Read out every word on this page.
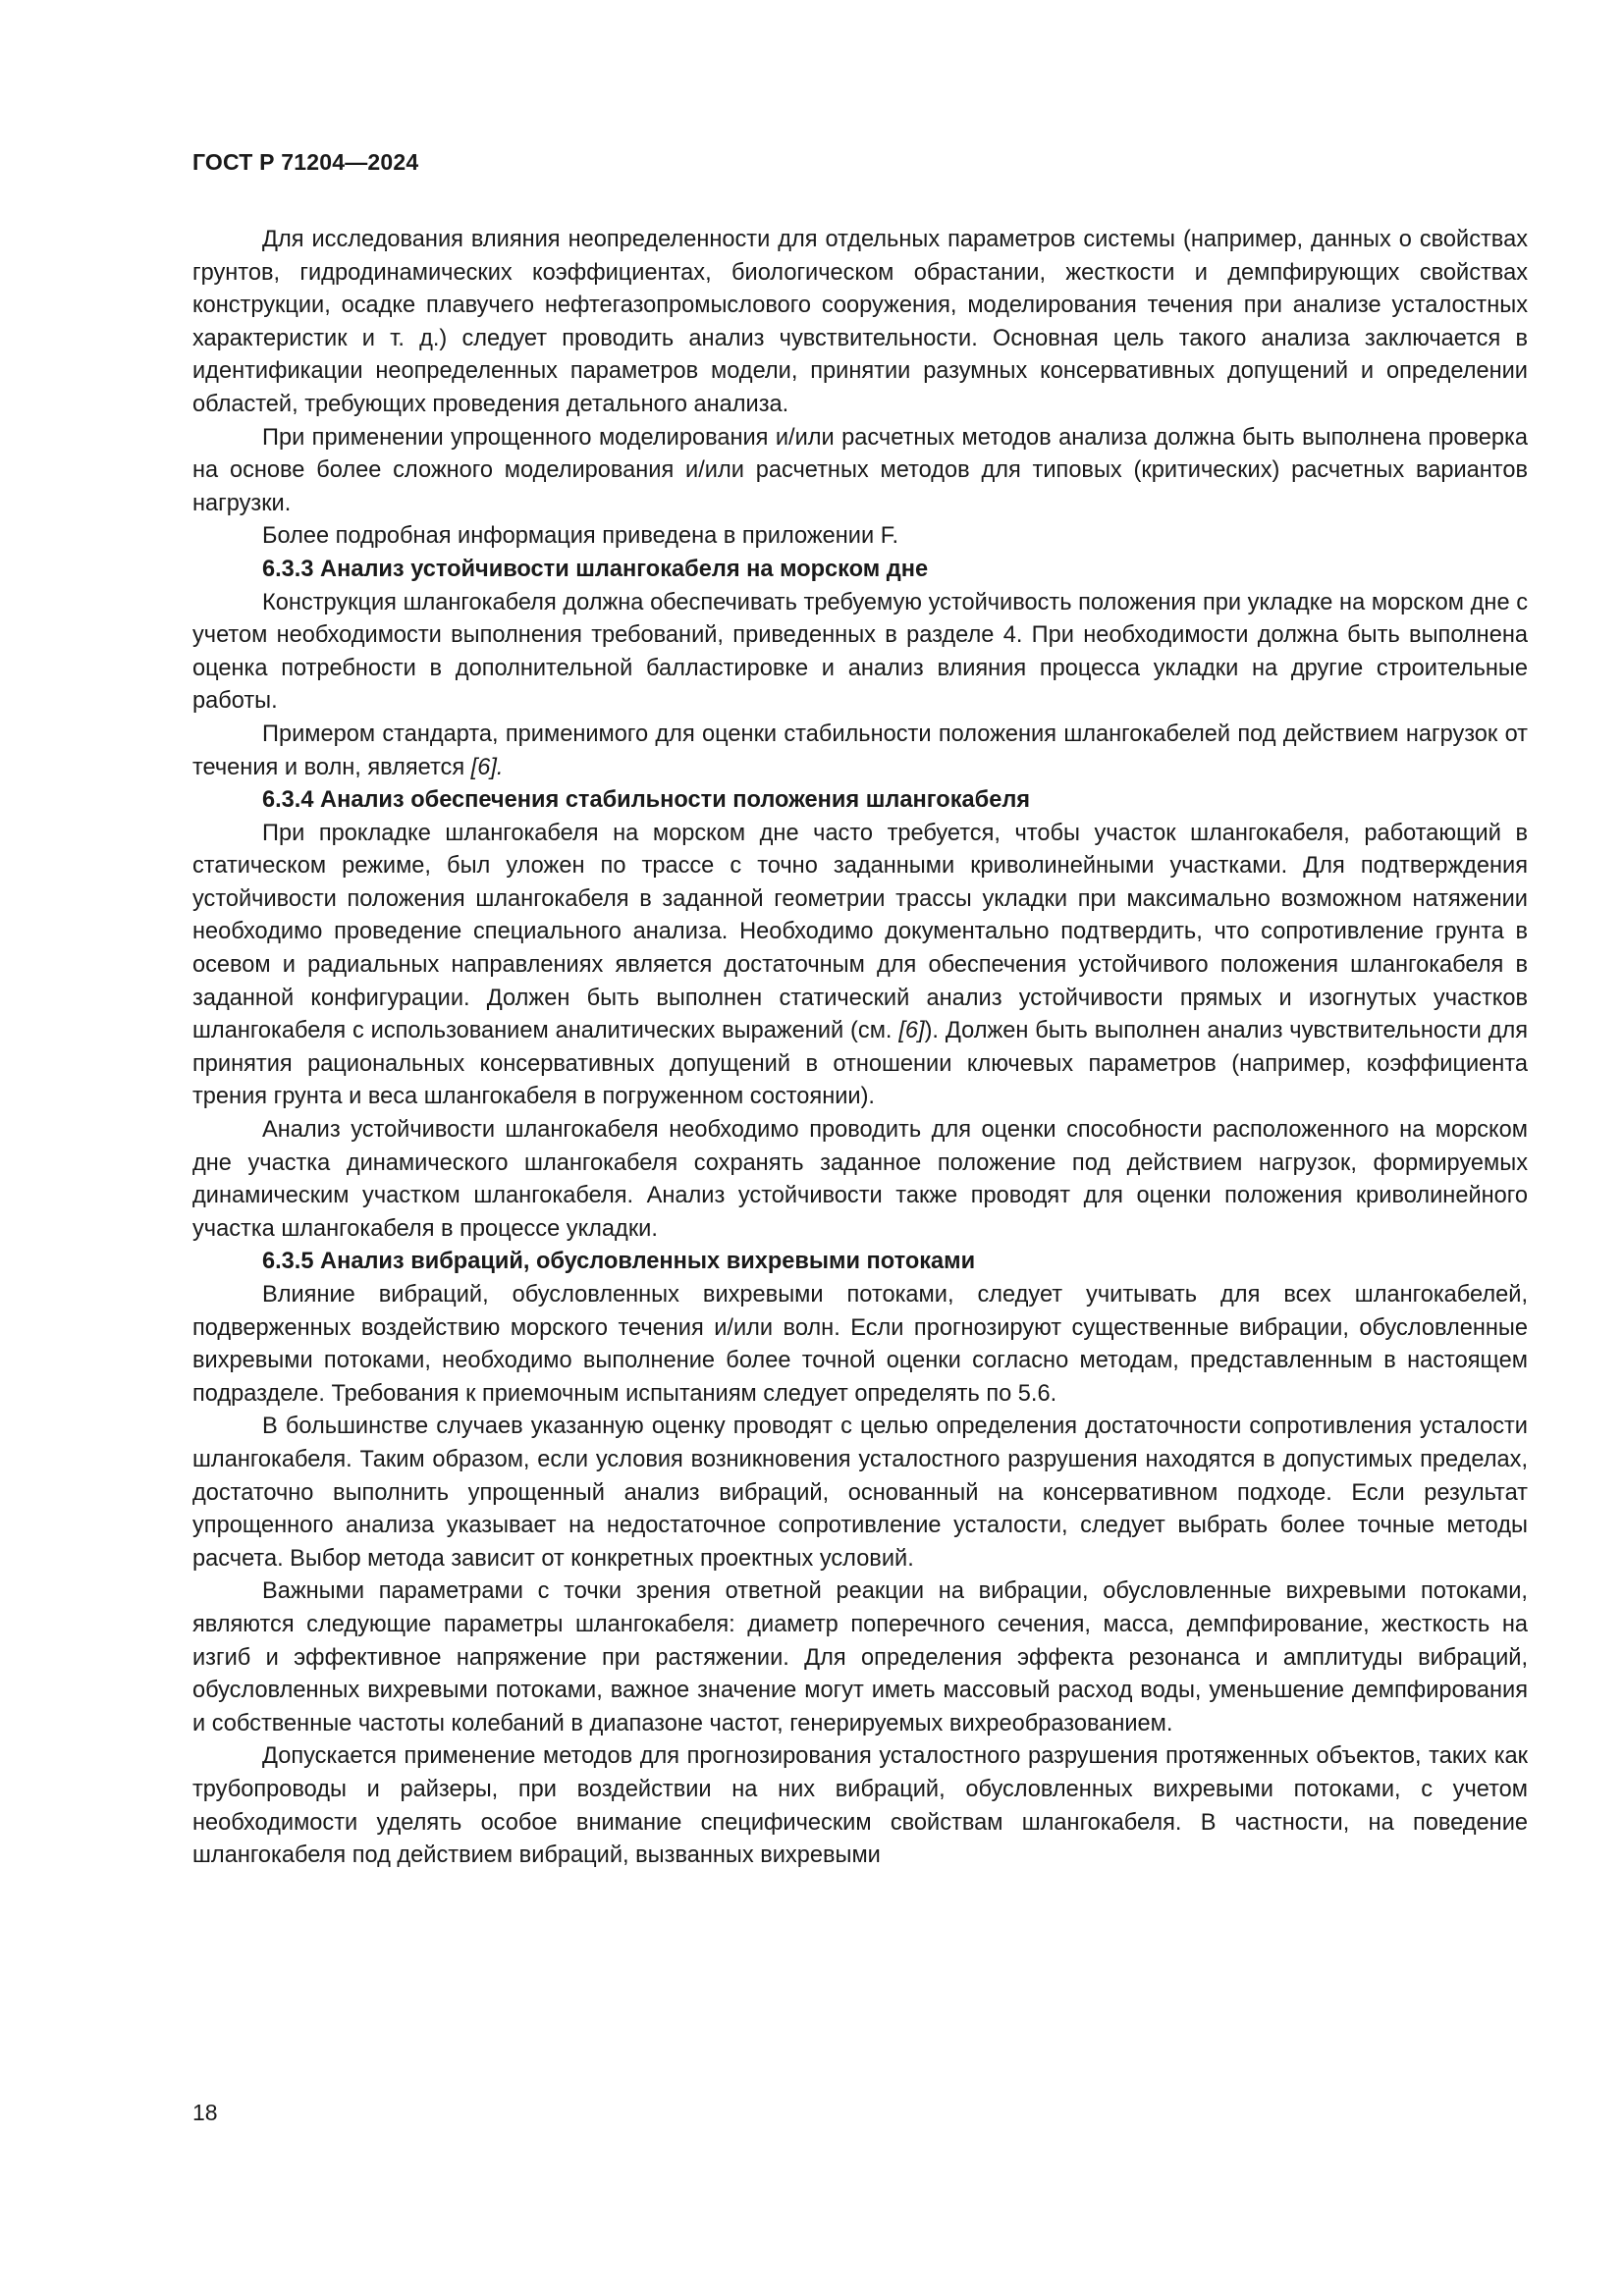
ГОСТ Р 71204—2024

Для исследования влияния неопределенности для отдельных параметров системы (например, данных о свойствах грунтов, гидродинамических коэффициентах, биологическом обрастании, жесткости и демпфирующих свойствах конструкции, осадке плавучего нефтегазопромыслового сооружения, моделирования течения при анализе усталостных характеристик и т. д.) следует проводить анализ чувствительности. Основная цель такого анализа заключается в идентификации неопределенных параметров модели, принятии разумных консервативных допущений и определении областей, требующих проведения детального анализа.

При применении упрощенного моделирования и/или расчетных методов анализа должна быть выполнена проверка на основе более сложного моделирования и/или расчетных методов для типовых (критических) расчетных вариантов нагрузки.

Более подробная информация приведена в приложении F.

6.3.3 Анализ устойчивости шлангокабеля на морском дне

Конструкция шлангокабеля должна обеспечивать требуемую устойчивость положения при укладке на морском дне с учетом необходимости выполнения требований, приведенных в разделе 4. При необходимости должна быть выполнена оценка потребности в дополнительной балластировке и анализ влияния процесса укладки на другие строительные работы.

Примером стандарта, применимого для оценки стабильности положения шлангокабелей под действием нагрузок от течения и волн, является [6].

6.3.4 Анализ обеспечения стабильности положения шлангокабеля

При прокладке шлангокабеля на морском дне часто требуется, чтобы участок шлангокабеля, работающий в статическом режиме, был уложен по трассе с точно заданными криволинейными участками. Для подтверждения устойчивости положения шлангокабеля в заданной геометрии трассы укладки при максимально возможном натяжении необходимо проведение специального анализа. Необходимо документально подтвердить, что сопротивление грунта в осевом и радиальных направлениях является достаточным для обеспечения устойчивого положения шлангокабеля в заданной конфигурации. Должен быть выполнен статический анализ устойчивости прямых и изогнутых участков шлангокабеля с использованием аналитических выражений (см. [6]). Должен быть выполнен анализ чувствительности для принятия рациональных консервативных допущений в отношении ключевых параметров (например, коэффициента трения грунта и веса шлангокабеля в погруженном состоянии).

Анализ устойчивости шлангокабеля необходимо проводить для оценки способности расположенного на морском дне участка динамического шлангокабеля сохранять заданное положение под действием нагрузок, формируемых динамическим участком шлангокабеля. Анализ устойчивости также проводят для оценки положения криволинейного участка шлангокабеля в процессе укладки.

6.3.5 Анализ вибраций, обусловленных вихревыми потоками

Влияние вибраций, обусловленных вихревыми потоками, следует учитывать для всех шлангокабелей, подверженных воздействию морского течения и/или волн. Если прогнозируют существенные вибрации, обусловленные вихревыми потоками, необходимо выполнение более точной оценки согласно методам, представленным в настоящем подразделе. Требования к приемочным испытаниям следует определять по 5.6.

В большинстве случаев указанную оценку проводят с целью определения достаточности сопротивления усталости шлангокабеля. Таким образом, если условия возникновения усталостного разрушения находятся в допустимых пределах, достаточно выполнить упрощенный анализ вибраций, основанный на консервативном подходе. Если результат упрощенного анализа указывает на недостаточное сопротивление усталости, следует выбрать более точные методы расчета. Выбор метода зависит от конкретных проектных условий.

Важными параметрами с точки зрения ответной реакции на вибрации, обусловленные вихревыми потоками, являются следующие параметры шлангокабеля: диаметр поперечного сечения, масса, демпфирование, жесткость на изгиб и эффективное напряжение при растяжении. Для определения эффекта резонанса и амплитуды вибраций, обусловленных вихревыми потоками, важное значение могут иметь массовый расход воды, уменьшение демпфирования и собственные частоты колебаний в диапазоне частот, генерируемых вихреобразованием.

Допускается применение методов для прогнозирования усталостного разрушения протяженных объектов, таких как трубопроводы и райзеры, при воздействии на них вибраций, обусловленных вихревыми потоками, с учетом необходимости уделять особое внимание специфическим свойствам шлангокабеля. В частности, на поведение шлангокабеля под действием вибраций, вызванных вихревыми

18
